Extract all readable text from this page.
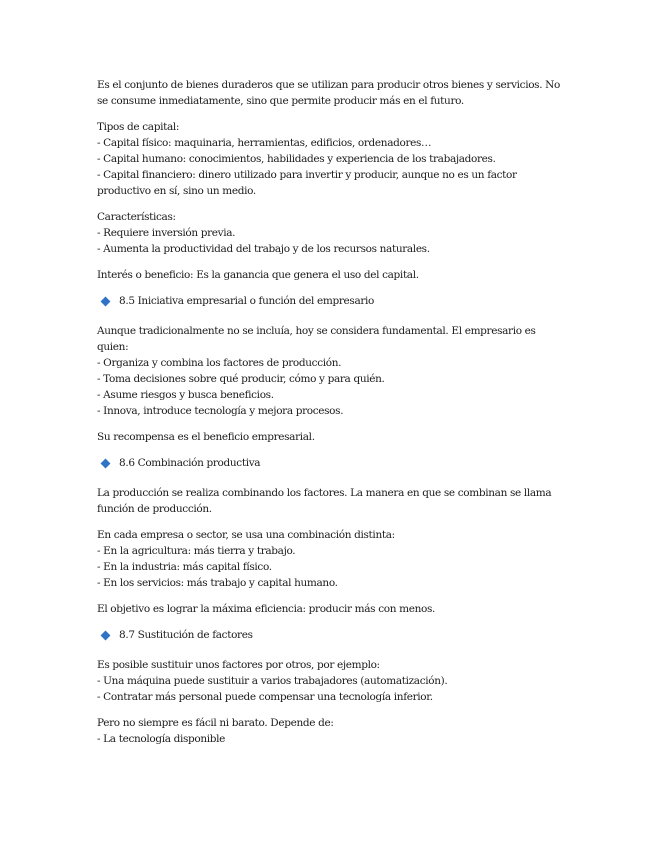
Es el conjunto de bienes duraderos que se utilizan para producir otros bienes y servicios. No

se consume inmediatamente, sino que permite producir más en el futuro.

Tipos de capital:

- Capital físico: maquinaria, herramientas, edificios, ordenadores…

- Capital humano: conocimientos, habilidades y experiencia de los trabajadores.

- Capital financiero: dinero utilizado para invertir y producir, aunque no es un factor

productivo en sí, sino un medio.

Características:

- Requiere inversión previa.

- Aumenta la productividad del trabajo y de los recursos naturales.

Interés o beneficio: Es la ganancia que genera el uso del capital.

8.5 Iniciativa empresarial o función del empresario

Aunque tradicionalmente no se incluía, hoy se considera fundamental. El empresario es

quien:

- Organiza y combina los factores de producción.

- Toma decisiones sobre qué producir, cómo y para quién.

- Asume riesgos y busca beneficios.

- Innova, introduce tecnología y mejora procesos.

Su recompensa es el beneficio empresarial.

8.6 Combinación productiva

La producción se realiza combinando los factores. La manera en que se combinan se llama

función de producción.

En cada empresa o sector, se usa una combinación distinta:

- En la agricultura: más tierra y trabajo.

- En la industria: más capital físico.

- En los servicios: más trabajo y capital humano.

El objetivo es lograr la máxima eficiencia: producir más con menos.

8.7 Sustitución de factores

Es posible sustituir unos factores por otros, por ejemplo:

- Una máquina puede sustituir a varios trabajadores (automatización).

- Contratar más personal puede compensar una tecnología inferior.

Pero no siempre es fácil ni barato. Depende de:

- La tecnología disponible
